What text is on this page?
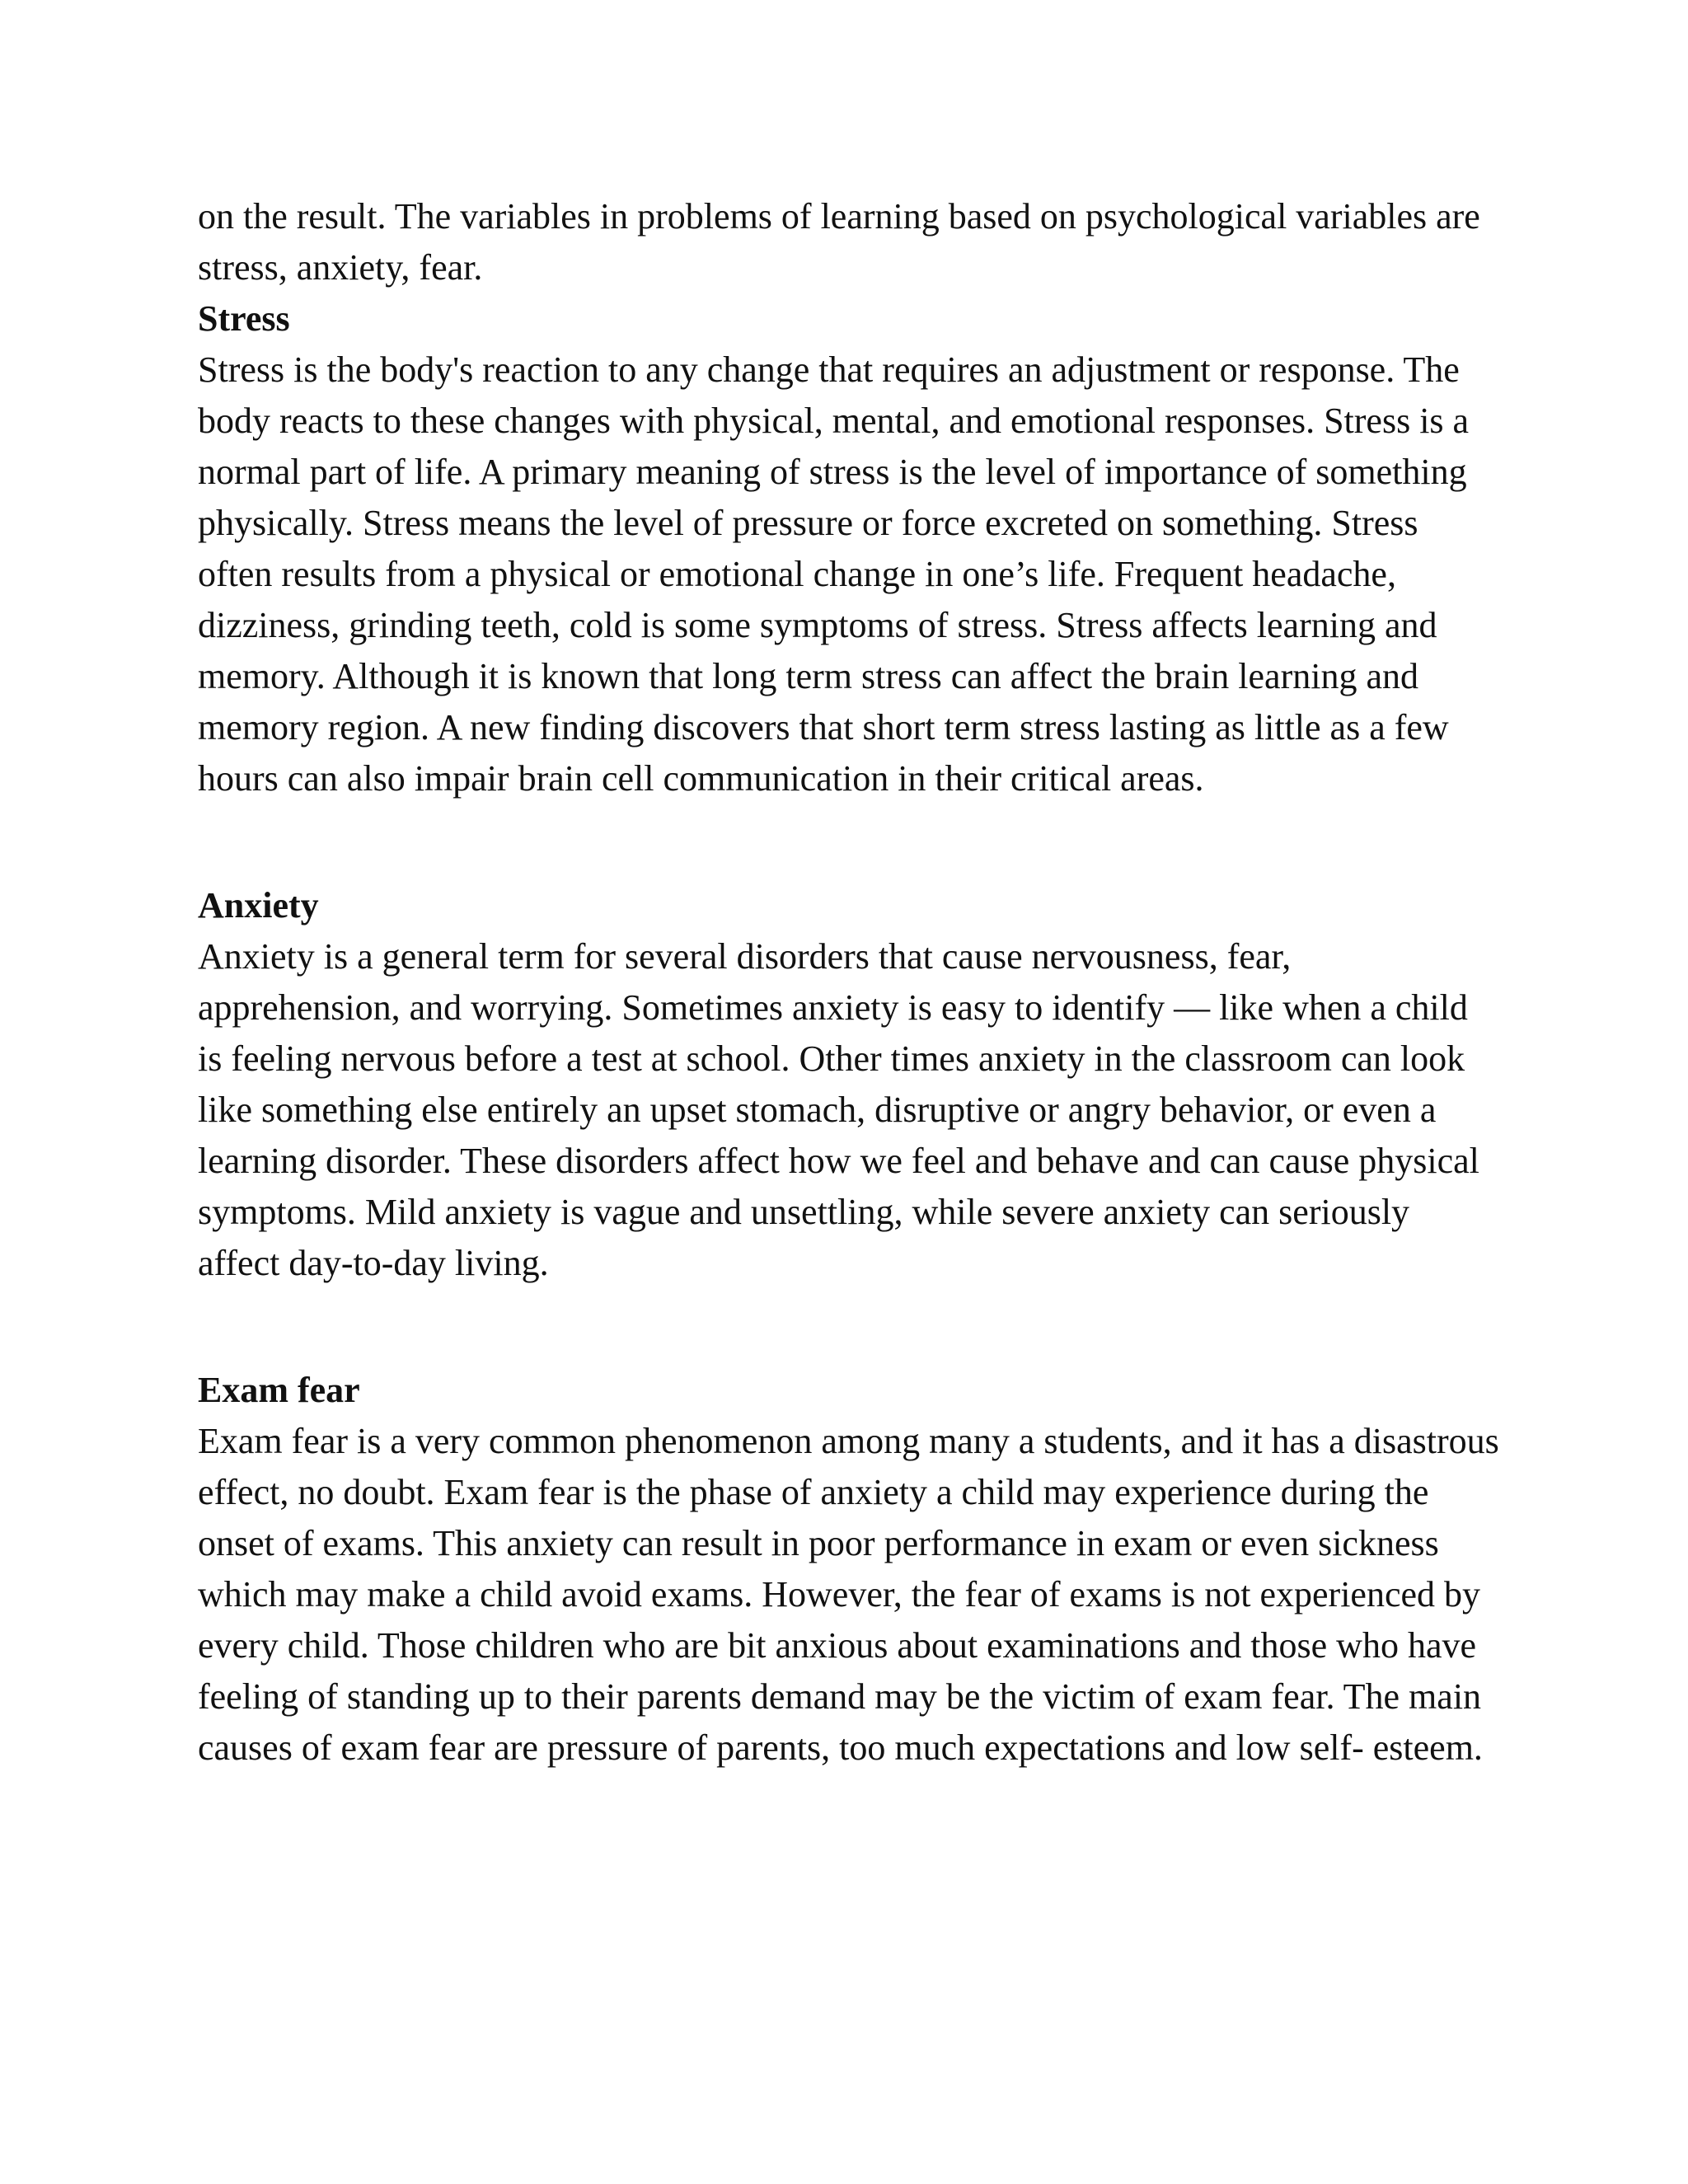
on the result. The variables in problems of learning based on psychological variables are stress, anxiety, fear.

Stress

Stress is the body's reaction to any change that requires an adjustment or response. The body reacts to these changes with physical, mental, and emotional responses. Stress is a normal part of life. A primary meaning of stress is the level of importance of something physically. Stress means the level of pressure or force excreted on something. Stress often results from a physical or emotional change in one’s life. Frequent headache, dizziness, grinding teeth, cold is some symptoms of stress. Stress affects learning and memory. Although it is known that long term stress can affect the brain learning and memory region. A new finding discovers that short term stress lasting as little as a few hours can also impair brain cell communication in their critical areas.

Anxiety

Anxiety is a general term for several disorders that cause nervousness, fear, apprehension, and worrying. Sometimes anxiety is easy to identify — like when a child is feeling nervous before a test at school. Other times anxiety in the classroom can look like something else entirely an upset stomach, disruptive or angry behavior, or even a learning disorder. These disorders affect how we feel and behave and can cause physical symptoms. Mild anxiety is vague and unsettling, while severe anxiety can seriously affect day-to-day living.

Exam fear

Exam fear is a very common phenomenon among many a students, and it has a disastrous effect, no doubt. Exam fear is the phase of anxiety a child may experience during the onset of exams. This anxiety can result in poor performance in exam or even sickness which may make a child avoid exams. However, the fear of exams is not experienced by every child. Those children who are bit anxious about examinations and those who have feeling of standing up to their parents demand may be the victim of exam fear. The main causes of exam fear are pressure of parents, too much expectations and low self- esteem.
